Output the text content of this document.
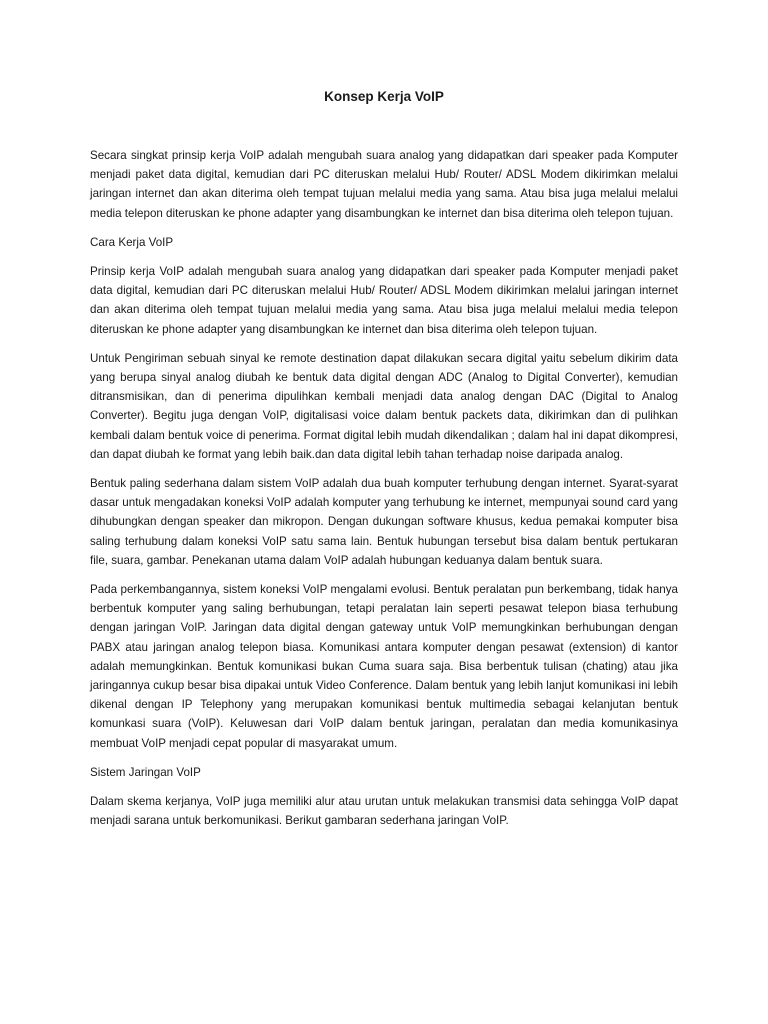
Konsep Kerja VoIP

Secara singkat prinsip kerja VoIP adalah mengubah suara analog yang didapatkan dari speaker pada Komputer menjadi paket data digital, kemudian dari PC diteruskan melalui Hub/ Router/ ADSL Modem dikirimkan melalui jaringan internet dan akan diterima oleh tempat tujuan melalui media yang sama. Atau bisa juga melalui melalui media telepon diteruskan ke phone adapter yang disambungkan ke internet dan bisa diterima oleh telepon tujuan.

Cara Kerja VoIP

Prinsip kerja VoIP adalah mengubah suara analog yang didapatkan dari speaker pada Komputer menjadi paket data digital, kemudian dari PC diteruskan melalui Hub/ Router/ ADSL Modem dikirimkan melalui jaringan internet dan akan diterima oleh tempat tujuan melalui media yang sama. Atau bisa juga melalui melalui media telepon diteruskan ke phone adapter yang disambungkan ke internet dan bisa diterima oleh telepon tujuan.

Untuk Pengiriman sebuah sinyal ke remote destination dapat dilakukan secara digital yaitu sebelum dikirim data yang berupa sinyal analog diubah ke bentuk data digital dengan ADC (Analog to Digital Converter), kemudian ditransmisikan, dan di penerima dipulihkan kembali menjadi data analog dengan DAC (Digital to Analog Converter). Begitu juga dengan VoIP, digitalisasi voice dalam bentuk packets data, dikirimkan dan di pulihkan kembali dalam bentuk voice di penerima. Format digital lebih mudah dikendalikan ; dalam hal ini dapat dikompresi, dan dapat diubah ke format yang lebih baik.dan data digital lebih tahan terhadap noise daripada analog.

Bentuk paling sederhana dalam sistem VoIP adalah dua buah komputer terhubung dengan internet. Syarat-syarat dasar untuk mengadakan koneksi VoIP adalah komputer yang terhubung ke internet, mempunyai sound card yang dihubungkan dengan speaker dan mikropon. Dengan dukungan software khusus, kedua pemakai komputer bisa saling terhubung dalam koneksi VoIP satu sama lain. Bentuk hubungan tersebut bisa dalam bentuk pertukaran file, suara, gambar. Penekanan utama dalam VoIP adalah hubungan keduanya dalam bentuk suara.

Pada perkembangannya, sistem koneksi VoIP mengalami evolusi. Bentuk peralatan pun berkembang, tidak hanya berbentuk komputer yang saling berhubungan, tetapi peralatan lain seperti pesawat telepon biasa terhubung dengan jaringan VoIP. Jaringan data digital dengan gateway untuk VoIP memungkinkan berhubungan dengan PABX atau jaringan analog telepon biasa. Komunikasi antara komputer dengan pesawat (extension) di kantor adalah memungkinkan. Bentuk komunikasi bukan Cuma suara saja. Bisa berbentuk tulisan (chating) atau jika jaringannya cukup besar bisa dipakai untuk Video Conference. Dalam bentuk yang lebih lanjut komunikasi ini lebih dikenal dengan IP Telephony yang merupakan komunikasi bentuk multimedia sebagai kelanjutan bentuk komunkasi suara (VoIP). Keluwesan dari VoIP dalam bentuk jaringan, peralatan dan media komunikasinya membuat VoIP menjadi cepat popular di masyarakat umum.

Sistem Jaringan VoIP

Dalam skema kerjanya, VoIP juga memiliki alur atau urutan untuk melakukan transmisi data sehingga VoIP dapat menjadi sarana untuk berkomunikasi. Berikut gambaran sederhana jaringan VoIP.
